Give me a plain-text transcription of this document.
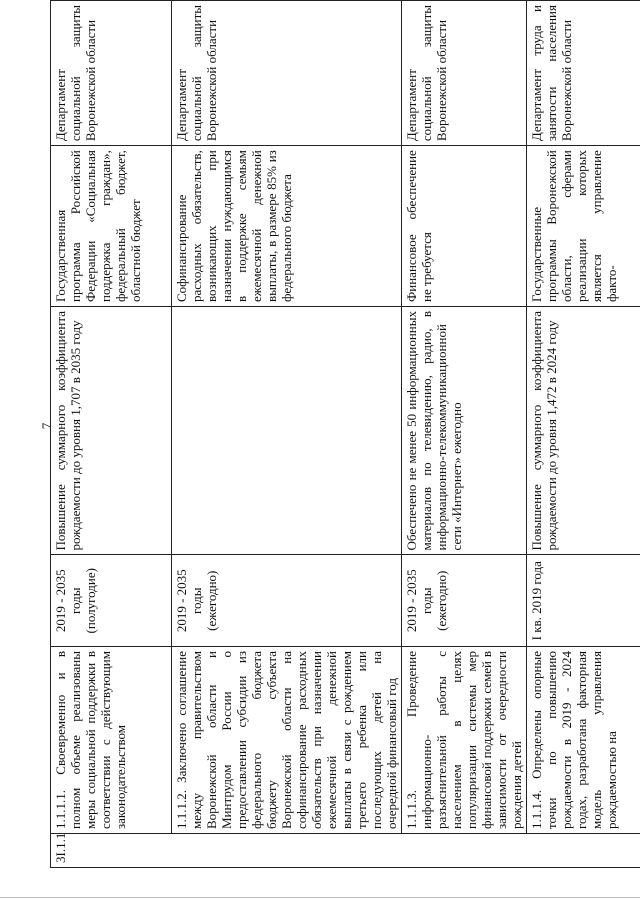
7
3І.1.1	1.1.1.1. Своевременно и в полном объеме реализованы меры социальной поддержки в соответствии с действующим законодательством	2019 - 2035 годы (полугодие)	Повышение суммарного коэффициента рождаемости до уровня 1,707 в 2035 году	Государственная программа Российской Федерации «Социальная поддержка граждан», федеральный бюджет, областной бюджет	Департамент социальной защиты Воронежской области

	1.1.1.2. Заключено соглашение между правительством Воронежской области и Минтрудом России о предоставлении субсидии из федерального бюджета бюджету субъекта Воронежской области на софинансирование расходных обязательств при назначении ежемесячной денежной выплаты в связи с рождением третьего ребенка или последующих детей на очередной финансовый год	2019 - 2035 годы (ежегодно)		Софинансирование расходных обязательств, возникающих при назначении нуждающимся в поддержке семьям ежемесячной денежной выплаты, в размере 85% из федерального бюджета	Департамент социальной защиты Воронежской области

	1.1.1.3. Проведение информационно-разъяснительной работы с населением в целях популяризации системы мер финансовой поддержки семей в зависимости от очередности рождения детей	2019 - 2035 годы (ежегодно)	Обеспечено не менее 50 информационных материалов по телевидению, радио, в информационно-телекоммуникационной сети «Интернет» ежегодно	Финансовое обеспечение не требуется	Департамент социальной защиты Воронежской области

	1.1.1.4. Определены опорные точки по повышению рождаемости в 2019 - 2024 годах, разработана факторная модель управления рождаемостью на	I кв. 2019 года	Повышение суммарного коэффициента рождаемости до уровня 1,472 в 2024 году	Государственные программы Воронежской области, сферами реализации которых является управление факто-	Департамент труда и занятости населения Воронежской области
